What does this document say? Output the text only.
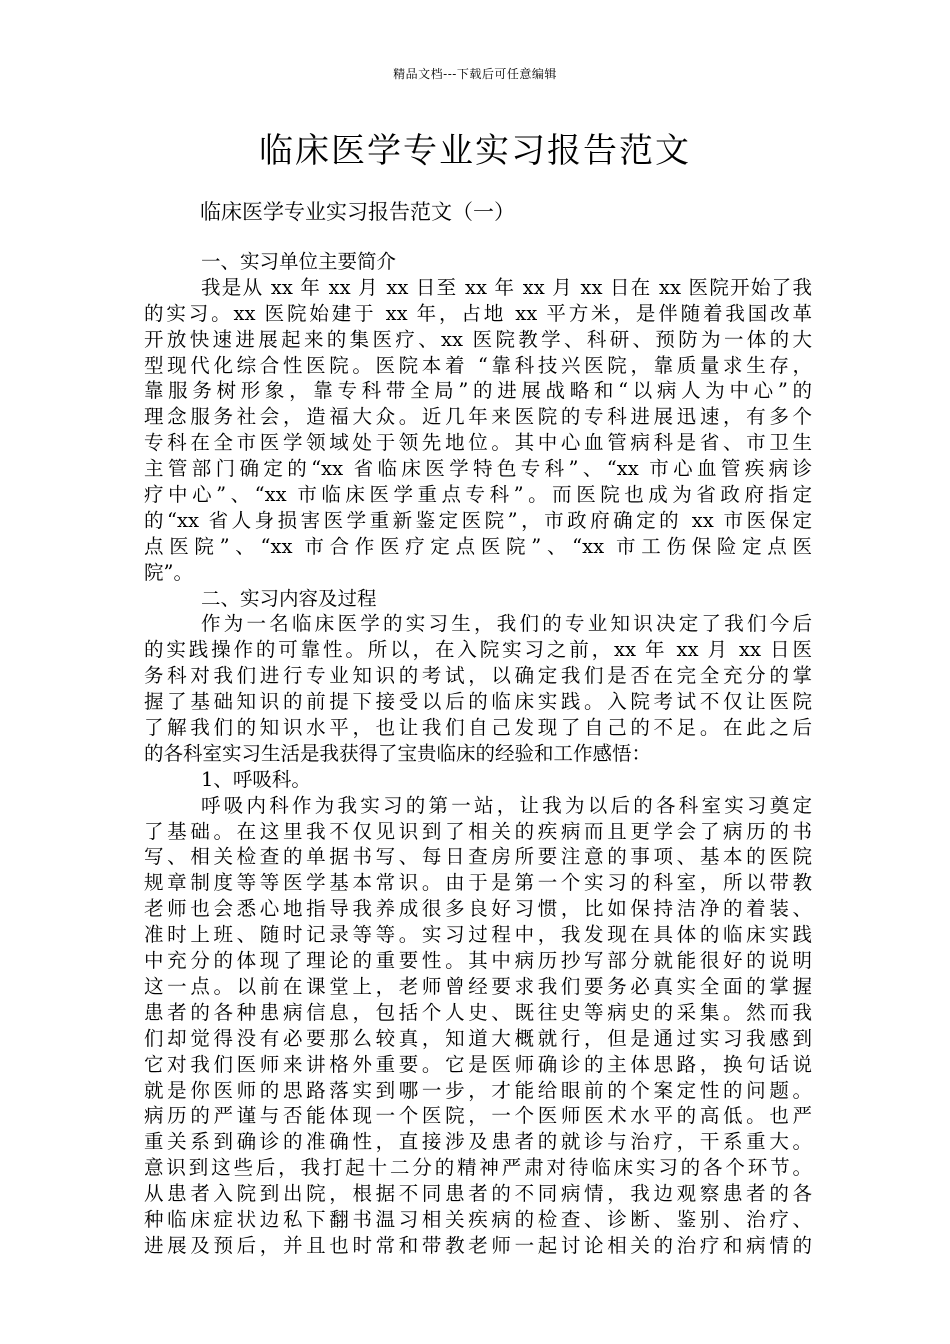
精品文档---下载后可任意编辑
临床医学专业实习报告范文
临床医学专业实习报告范文（一）
一、实习单位主要简介
我是从 xx 年 xx 月 xx 日至 xx 年 xx 月 xx 日在 xx 医院开始了我
的实习。xx 医院始建于 xx 年，占地 xx 平方米，是伴随着我国改革
开放快速进展起来的集医疗、xx 医院教学、科研、预防为一体的大
型现代化综合性医院。医院本着 “靠科技兴医院，靠质量求生存，
靠服务树形象，靠专科带全局”的进展战略和“以病人为中心”的
理念服务社会，造福大众。近几年来医院的专科进展迅速，有多个
专科在全市医学领域处于领先地位。其中心血管病科是省、市卫生
主管部门确定的“xx 省临床医学特色专科”、“xx 市心血管疾病诊
疗中心”、“xx 市临床医学重点专科”。而医院也成为省政府指定
的“xx 省人身损害医学重新鉴定医院”，市政府确定的 xx 市医保定
点医院”、“xx 市合作医疗定点医院”、“xx 市工伤保险定点医
院”。
二、实习内容及过程
作为一名临床医学的实习生，我们的专业知识决定了我们今后
的实践操作的可靠性。所以，在入院实习之前，xx 年 xx 月 xx 日医
务科对我们进行专业知识的考试，以确定我们是否在完全充分的掌
握了基础知识的前提下接受以后的临床实践。入院考试不仅让医院
了解我们的知识水平，也让我们自己发现了自己的不足。在此之后
的各科室实习生活是我获得了宝贵临床的经验和工作感悟：
1、呼吸科。
呼吸内科作为我实习的第一站，让我为以后的各科室实习奠定
了基础。在这里我不仅见识到了相关的疾病而且更学会了病历的书
写、相关检查的单据书写、每日查房所要注意的事项、基本的医院
规章制度等等医学基本常识。由于是第一个实习的科室，所以带教
老师也会悉心地指导我养成很多良好习惯，比如保持洁净的着装、
准时上班、随时记录等等。实习过程中，我发现在具体的临床实践
中充分的体现了理论的重要性。其中病历抄写部分就能很好的说明
这一点。以前在课堂上，老师曾经要求我们要务必真实全面的掌握
患者的各种患病信息，包括个人史、既往史等病史的采集。然而我
们却觉得没有必要那么较真，知道大概就行，但是通过实习我感到
它对我们医师来讲格外重要。它是医师确诊的主体思路，换句话说
就是你医师的思路落实到哪一步，才能给眼前的个案定性的问题。
病历的严谨与否能体现一个医院，一个医师医术水平的高低。也严
重关系到确诊的准确性，直接涉及患者的就诊与治疗，干系重大。
意识到这些后，我打起十二分的精神严肃对待临床实习的各个环节。
从患者入院到出院，根据不同患者的不同病情，我边观察患者的各
种临床症状边私下翻书温习相关疾病的检查、诊断、鉴别、治疗、
进展及预后，并且也时常和带教老师一起讨论相关的治疗和病情的
